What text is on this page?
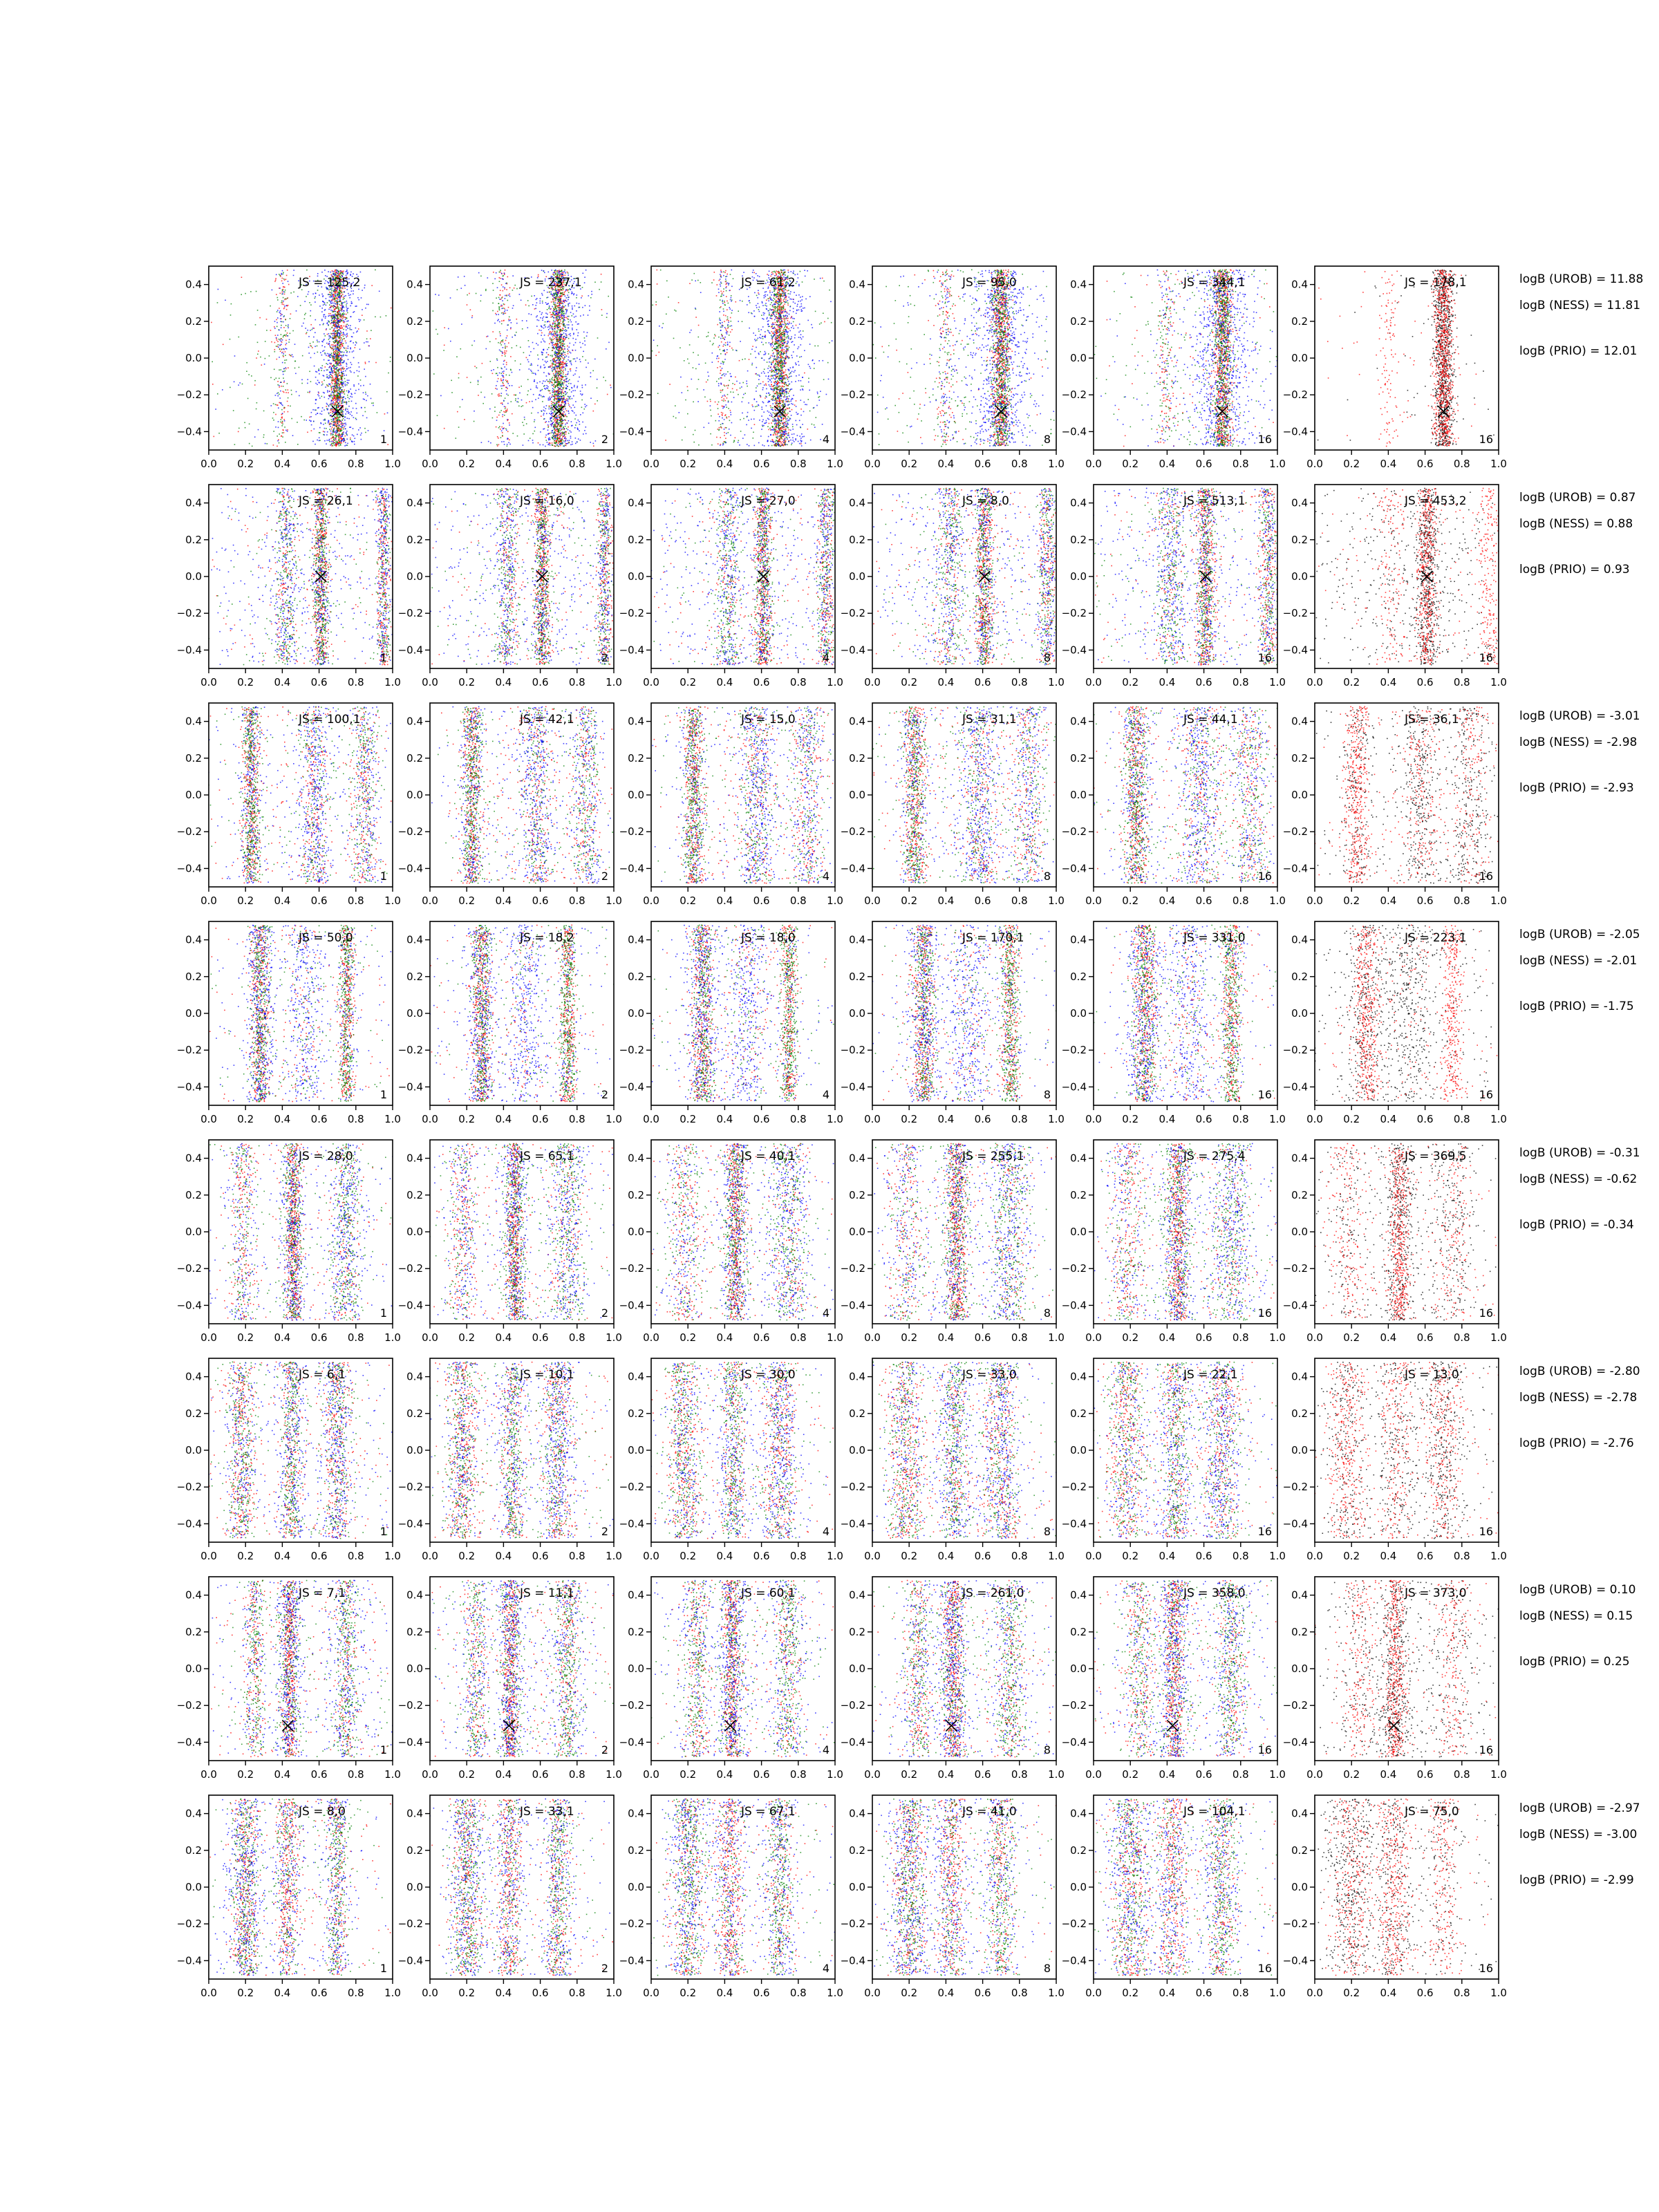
0.0 0.2 0.4 0.6 0.8 1.0
0.4
0.2
0.0
−0.2
−0.4
JS = 125,2
1
0.0 0.2 0.4 0.6 0.8 1.0
0.4
0.2
0.0
−0.2
−0.4
JS = 237,1
2
0.0 0.2 0.4 0.6 0.8 1.0
0.4
0.2
0.0
−0.2
−0.4
JS = 61,2
4
0.0 0.2 0.4 0.6 0.8 1.0
0.4
0.2
0.0
−0.2
−0.4
JS = 95,0
8
0.0 0.2 0.4 0.6 0.8 1.0
0.4
0.2
0.0
−0.2
−0.4
JS = 344,1
16
0.0 0.2 0.4 0.6 0.8 1.0
0.4
0.2
0.0
−0.2
−0.4
JS = 178,1
16
0.0 0.2 0.4 0.6 0.8 1.0
0.4
0.2
0.0
−0.2
−0.4
JS = 26,1
1
0.0 0.2 0.4 0.6 0.8 1.0
0.4
0.2
0.0
−0.2
−0.4
JS = 16,0
2
0.0 0.2 0.4 0.6 0.8 1.0
0.4
0.2
0.0
−0.2
−0.4
JS = 27,0
4
0.0 0.2 0.4 0.6 0.8 1.0
0.4
0.2
0.0
−0.2
−0.4
JS = 8,0
8
0.0 0.2 0.4 0.6 0.8 1.0
0.4
0.2
0.0
−0.2
−0.4
JS = 513,1
16
0.0 0.2 0.4 0.6 0.8 1.0
0.4
0.2
0.0
−0.2
−0.4
JS = 453,2
16
0.0 0.2 0.4 0.6 0.8 1.0
0.4
0.2
0.0
−0.2
−0.4
JS = 100,1
1
0.0 0.2 0.4 0.6 0.8 1.0
0.4
0.2
0.0
−0.2
−0.4
JS = 42,1
2
0.0 0.2 0.4 0.6 0.8 1.0
0.4
0.2
0.0
−0.2
−0.4
JS = 15,0
4
0.0 0.2 0.4 0.6 0.8 1.0
0.4
0.2
0.0
−0.2
−0.4
JS = 31,1
8
0.0 0.2 0.4 0.6 0.8 1.0
0.4
0.2
0.0
−0.2
−0.4
JS = 44,1
16
0.0 0.2 0.4 0.6 0.8 1.0
0.4
0.2
0.0
−0.2
−0.4
JS = 36,1
16
0.0 0.2 0.4 0.6 0.8 1.0
0.4
0.2
0.0
−0.2
−0.4
JS = 50,0
1
0.0 0.2 0.4 0.6 0.8 1.0
0.4
0.2
0.0
−0.2
−0.4
JS = 18,2
2
0.0 0.2 0.4 0.6 0.8 1.0
0.4
0.2
0.0
−0.2
−0.4
JS = 18,0
4
0.0 0.2 0.4 0.6 0.8 1.0
0.4
0.2
0.0
−0.2
−0.4
JS = 170,1
8
0.0 0.2 0.4 0.6 0.8 1.0
0.4
0.2
0.0
−0.2
−0.4
JS = 331,0
16
0.0 0.2 0.4 0.6 0.8 1.0
0.4
0.2
0.0
−0.2
−0.4
JS = 223,1
16
0.0 0.2 0.4 0.6 0.8 1.0
0.4
0.2
0.0
−0.2
−0.4
JS = 28,0
1
0.0 0.2 0.4 0.6 0.8 1.0
0.4
0.2
0.0
−0.2
−0.4
JS = 65,1
2
0.0 0.2 0.4 0.6 0.8 1.0
0.4
0.2
0.0
−0.2
−0.4
JS = 40,1
4
0.0 0.2 0.4 0.6 0.8 1.0
0.4
0.2
0.0
−0.2
−0.4
JS = 255,1
8
0.0 0.2 0.4 0.6 0.8 1.0
0.4
0.2
0.0
−0.2
−0.4
JS = 275,4
16
0.0 0.2 0.4 0.6 0.8 1.0
0.4
0.2
0.0
−0.2
−0.4
JS = 369,5
16
0.0 0.2 0.4 0.6 0.8 1.0
0.4
0.2
0.0
−0.2
−0.4
JS = 6,1
1
0.0 0.2 0.4 0.6 0.8 1.0
0.4
0.2
0.0
−0.2
−0.4
JS = 10,1
2
0.0 0.2 0.4 0.6 0.8 1.0
0.4
0.2
0.0
−0.2
−0.4
JS = 30,0
4
0.0 0.2 0.4 0.6 0.8 1.0
0.4
0.2
0.0
−0.2
−0.4
JS = 33,0
8
0.0 0.2 0.4 0.6 0.8 1.0
0.4
0.2
0.0
−0.2
−0.4
JS = 22,1
16
0.0 0.2 0.4 0.6 0.8 1.0
0.4
0.2
0.0
−0.2
−0.4
JS = 13,0
16
0.0 0.2 0.4 0.6 0.8 1.0
0.4
0.2
0.0
−0.2
−0.4
JS = 7,1
1
0.0 0.2 0.4 0.6 0.8 1.0
0.4
0.2
0.0
−0.2
−0.4
JS = 11,1
2
0.0 0.2 0.4 0.6 0.8 1.0
0.4
0.2
0.0
−0.2
−0.4
JS = 60,1
4
0.0 0.2 0.4 0.6 0.8 1.0
0.4
0.2
0.0
−0.2
−0.4
JS = 261,0
8
0.0 0.2 0.4 0.6 0.8 1.0
0.4
0.2
0.0
−0.2
−0.4
JS = 358,0
16
0.0 0.2 0.4 0.6 0.8 1.0
0.4
0.2
0.0
−0.2
−0.4
JS = 373,0
16
0.0 0.2 0.4 0.6 0.8 1.0
0.4
0.2
0.0
−0.2
−0.4
JS = 8,0
1
0.0 0.2 0.4 0.6 0.8 1.0
0.4
0.2
0.0
−0.2
−0.4
JS = 33,1
2
0.0 0.2 0.4 0.6 0.8 1.0
0.4
0.2
0.0
−0.2
−0.4
JS = 67,1
4
0.0 0.2 0.4 0.6 0.8 1.0
0.4
0.2
0.0
−0.2
−0.4
JS = 41,0
8
0.0 0.2 0.4 0.6 0.8 1.0
0.4
0.2
0.0
−0.2
−0.4
JS = 104,1
16
0.0 0.2 0.4 0.6 0.8 1.0
0.4
0.2
0.0
−0.2
−0.4
JS = 75,0
16
logB (UROB) = 11.88
logB (NESS) = 11.81
logB (PRIO) = 12.01
logB (UROB) = 0.87
logB (NESS) = 0.88
logB (PRIO) = 0.93
logB (UROB) = -3.01
logB (NESS) = -2.98
logB (PRIO) = -2.93
logB (UROB) = -2.05
logB (NESS) = -2.01
logB (PRIO) = -1.75
logB (UROB) = -0.31
logB (NESS) = -0.62
logB (PRIO) = -0.34
logB (UROB) = -2.80
logB (NESS) = -2.78
logB (PRIO) = -2.76
logB (UROB) = 0.10
logB (NESS) = 0.15
logB (PRIO) = 0.25
logB (UROB) = -2.97
logB (NESS) = -3.00
logB (PRIO) = -2.99
